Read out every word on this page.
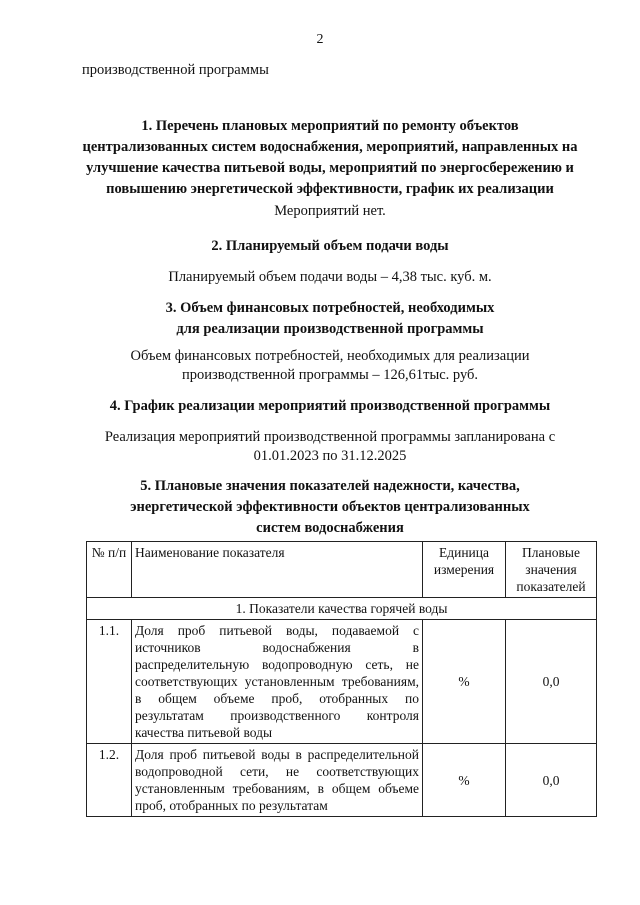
2
производственной программы
1. Перечень плановых мероприятий по ремонту объектов
централизованных систем водоснабжения, мероприятий, направленных на
улучшение качества питьевой воды, мероприятий по энергосбережению и
повышению энергетической эффективности, график их реализации
Мероприятий нет.
2. Планируемый объем подачи воды
Планируемый объем подачи воды – 4,38 тыс. куб. м.
3. Объем финансовых потребностей, необходимых
для реализации производственной программы
Объем финансовых потребностей, необходимых для реализации
производственной программы – 126,61тыс. руб.
4. График реализации мероприятий производственной программы
Реализация мероприятий производственной программы запланирована с
01.01.2023 по 31.12.2025
5. Плановые значения показателей надежности, качества,
энергетической эффективности объектов централизованных
систем водоснабжения
№ п/п	Наименование показателя	Единица измерения	Плановые значения показателей
1. Показатели качества горячей воды			
1.1.	Доля проб питьевой воды, подаваемой с источников водоснабжения в распределительную водопроводную сеть, не соответствующих установленным требованиям, в общем объеме проб, отобранных по результатам производственного контроля качества питьевой воды	%	0,0
1.2.	Доля проб питьевой воды в распределительной водопроводной сети, не соответствующих установленным требованиям, в общем объеме проб, отобранных по результатам	%	0,0
